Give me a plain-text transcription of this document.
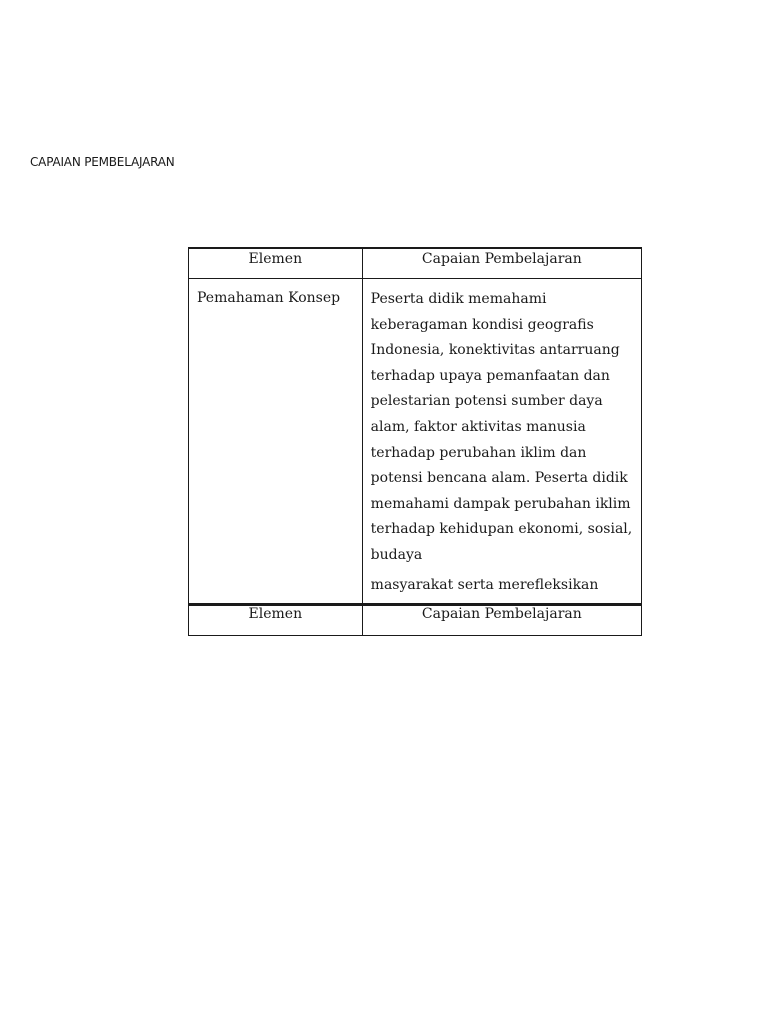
CAPAIAN PEMBELAJARAN
Elemen	Capaian Pembelajaran
Pemahaman Konsep	Peserta didik memahami keberagaman kondisi geografis Indonesia, konektivitas antarruang terhadap upaya pemanfaatan dan pelestarian potensi sumber daya alam, faktor aktivitas manusia terhadap perubahan iklim dan potensi bencana alam. Peserta didik memahami dampak perubahan iklim terhadap kehidupan ekonomi, sosial, budaya
masyarakat serta merefleksikan

Elemen	Capaian Pembelajaran
